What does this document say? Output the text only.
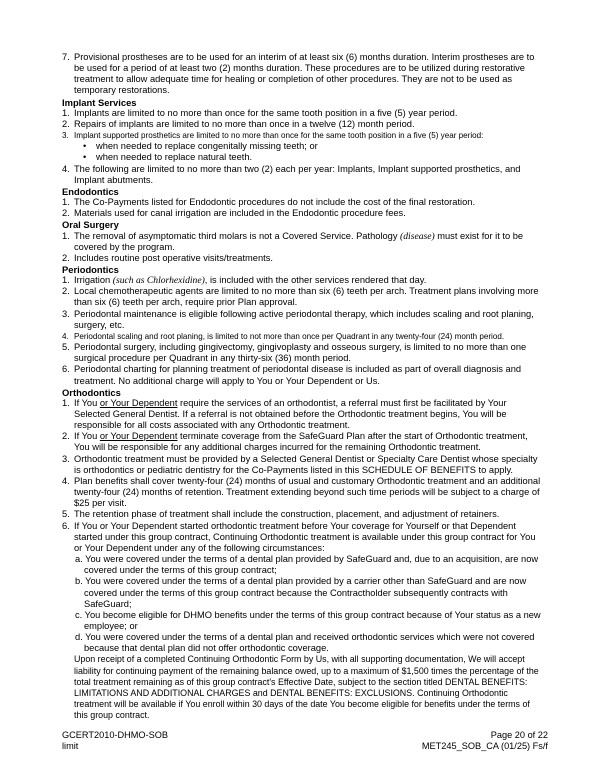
7. Provisional prostheses are to be used for an interim of at least six (6) months duration. Interim prostheses are to be used for a period of at least two (2) months duration. These procedures are to be utilized during restorative treatment to allow adequate time for healing or completion of other procedures. They are not to be used as temporary restorations.
Implant Services
1. Implants are limited to no more than once for the same tooth position in a five (5) year period.
2. Repairs of implants are limited to no more than once in a twelve (12) month period.
3. Implant supported prosthetics are limited to no more than once for the same tooth position in a five (5) year period:
• when needed to replace congenitally missing teeth; or
• when needed to replace natural teeth.
4. The following are limited to no more than two (2) each per year: Implants, Implant supported prosthetics, and Implant abutments.
Endodontics
1. The Co-Payments listed for Endodontic procedures do not include the cost of the final restoration.
2. Materials used for canal irrigation are included in the Endodontic procedure fees.
Oral Surgery
1. The removal of asymptomatic third molars is not a Covered Service. Pathology (disease) must exist for it to be covered by the program.
2. Includes routine post operative visits/treatments.
Periodontics
1. Irrigation (such as Chlorhexidine), is included with the other services rendered that day.
2. Local chemotherapeutic agents are limited to no more than six (6) teeth per arch. Treatment plans involving more than six (6) teeth per arch, require prior Plan approval.
3. Periodontal maintenance is eligible following active periodontal therapy, which includes scaling and root planing, surgery, etc.
4. Periodontal scaling and root planing, is limited to not more than once per Quadrant in any twenty-four (24) month period.
5. Periodontal surgery, including gingivectomy, gingivoplasty and osseous surgery, is limited to no more than one surgical procedure per Quadrant in any thirty-six (36) month period.
6. Periodontal charting for planning treatment of periodontal disease is included as part of overall diagnosis and treatment. No additional charge will apply to You or Your Dependent or Us.
Orthodontics
1. If You or Your Dependent require the services of an orthodontist, a referral must first be facilitated by Your Selected General Dentist. If a referral is not obtained before the Orthodontic treatment begins, You will be responsible for all costs associated with any Orthodontic treatment.
2. If You or Your Dependent terminate coverage from the SafeGuard Plan after the start of Orthodontic treatment, You will be responsible for any additional charges incurred for the remaining Orthodontic treatment.
3. Orthodontic treatment must be provided by a Selected General Dentist or Specialty Care Dentist whose specialty is orthodontics or pediatric dentistry for the Co-Payments listed in this SCHEDULE OF BENEFITS to apply.
4. Plan benefits shall cover twenty-four (24) months of usual and customary Orthodontic treatment and an additional twenty-four (24) months of retention. Treatment extending beyond such time periods will be subject to a charge of $25 per visit.
5. The retention phase of treatment shall include the construction, placement, and adjustment of retainers.
6. If You or Your Dependent started orthodontic treatment before Your coverage for Yourself or that Dependent started under this group contract, Continuing Orthodontic treatment is available under this group contract for You or Your Dependent under any of the following circumstances:
a. You were covered under the terms of a dental plan provided by SafeGuard and, due to an acquisition, are now covered under the terms of this group contract;
b. You were covered under the terms of a dental plan provided by a carrier other than SafeGuard and are now covered under the terms of this group contract because the Contractholder subsequently contracts with SafeGuard;
c. You become eligible for DHMO benefits under the terms of this group contract because of Your status as a new employee; or
d. You were covered under the terms of a dental plan and received orthodontic services which were not covered because that dental plan did not offer orthodontic coverage.
Upon receipt of a completed Continuing Orthodontic Form by Us, with all supporting documentation, We will accept liability for continuing payment of the remaining balance owed, up to a maximum of $1,500 times the percentage of the total treatment remaining as of this group contract's Effective Date, subject to the section titled DENTAL BENEFITS: LIMITATIONS AND ADDITIONAL CHARGES and DENTAL BENEFITS: EXCLUSIONS. Continuing Orthodontic treatment will be available if You enroll within 30 days of the date You become eligible for benefits under the terms of this group contract.
GCERT2010-DHMO-SOB
limit
Page 20 of 22
MET245_SOB_CA (01/25) Fs/f
